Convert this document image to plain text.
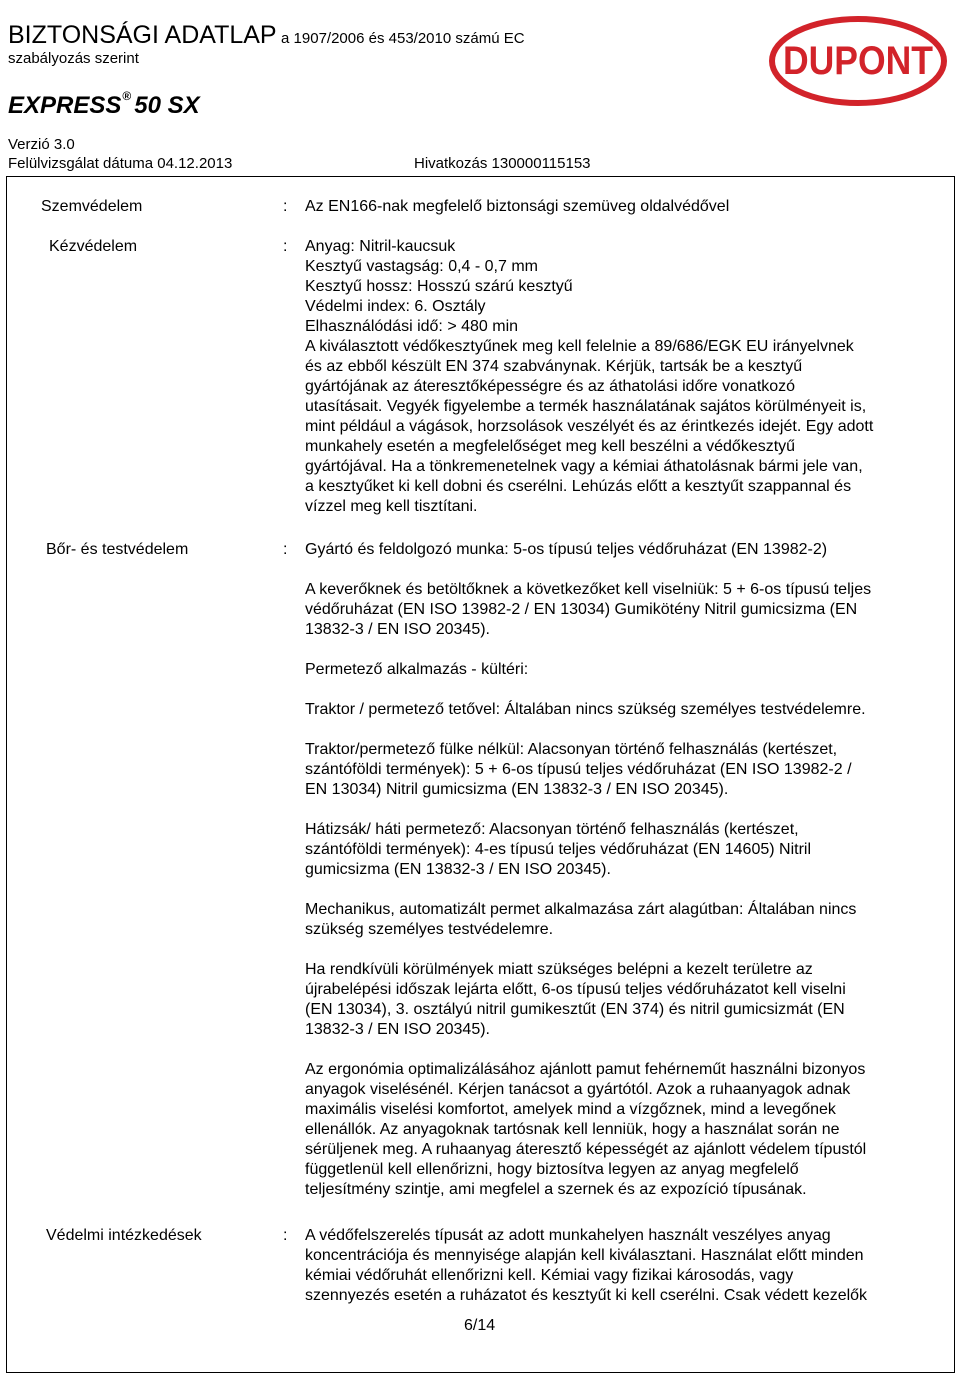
BIZTONSÁGI ADATLAP a 1907/2006 és 453/2010 számú EC
szabályozás szerint
EXPRESS® 50 SX
Verzió 3.0
Felülvizsgálat dátuma 04.12.2013	Hivatkozás 130000115153
DUPONT
Szemvédelem	: Az EN166-nak megfelelő biztonsági szemüveg oldalvédővel
Kézvédelem	: Anyag: Nitril-kaucsuk
Kesztyű vastagság: 0,4 - 0,7 mm
Kesztyű hossz: Hosszú szárú kesztyű
Védelmi index: 6. Osztály
Elhasználódási idő: > 480 min
A kiválasztott védőkesztyűnek meg kell felelnie a 89/686/EGK EU irányelvnek
és az ebből készült EN 374 szabványnak. Kérjük, tartsák be a kesztyű
gyártójának az áteresztőképességre és az áthatolási időre vonatkozó
utasításait. Vegyék figyelembe a termék használatának sajátos körülményeit is,
mint például a vágások, horzsolások veszélyét és az érintkezés idejét. Egy adott
munkahely esetén a megfelelőséget meg kell beszélni a védőkesztyű
gyártójával. Ha a tönkremenetelnek vagy a kémiai áthatolásnak bármi jele van,
a kesztyűket ki kell dobni és cserélni. Lehúzás előtt a kesztyűt szappannal és
vízzel meg kell tisztítani.
Bőr- és testvédelem	: Gyártó és feldolgozó munka: 5-os típusú teljes védőruházat (EN 13982-2)
A keverőknek és betöltőknek a következőket kell viselniük: 5 + 6-os típusú teljes
védőruházat (EN ISO 13982-2 / EN 13034) Gumikötény Nitril gumicsizma (EN
13832-3 / EN ISO 20345).
Permetező alkalmazás - kültéri:
Traktor / permetező tetővel: Általában nincs szükség személyes testvédelemre.
Traktor/permetező fülke nélkül: Alacsonyan történő felhasználás (kertészet,
szántóföldi termények): 5 + 6-os típusú teljes védőruházat (EN ISO 13982-2 /
EN 13034) Nitril gumicsizma (EN 13832-3 / EN ISO 20345).
Hátizsák/ háti permetező: Alacsonyan történő felhasználás (kertészet,
szántóföldi termények): 4-es típusú teljes védőruházat (EN 14605) Nitril
gumicsizma (EN 13832-3 / EN ISO 20345).
Mechanikus, automatizált permet alkalmazása zárt alagútban: Általában nincs
szükség személyes testvédelemre.
Ha rendkívüli körülmények miatt szükséges belépni a kezelt területre az
újrabelépési időszak lejárta előtt, 6-os típusú teljes védőruházatot kell viselni
(EN 13034), 3. osztályú nitril gumikesztűt (EN 374) és nitril gumicsizmát (EN
13832-3 / EN ISO 20345).
Az ergonómia optimalizálásához ajánlott pamut fehérneműt használni bizonyos
anyagok viselésénél. Kérjen tanácsot a gyártótól. Azok a ruhaanyagok adnak
maximális viselési komfortot, amelyek mind a vízgőznek, mind a levegőnek
ellenállók. Az anyagoknak tartósnak kell lenniük, hogy a használat során ne
sérüljenek meg. A ruhaanyag áteresztő képességét az ajánlott védelem típustól
függetlenül kell ellenőrizni, hogy biztosítva legyen az anyag megfelelő
teljesítmény szintje, ami megfelel a szernek és az expozíció típusának.
Védelmi intézkedések	: A védőfelszerelés típusát az adott munkahelyen használt veszélyes anyag
koncentrációja és mennyisége alapján kell kiválasztani. Használat előtt minden
kémiai védőruhát ellenőrizni kell. Kémiai vagy fizikai károsodás, vagy
szennyezés esetén a ruházatot és kesztyűt ki kell cserélni. Csak védett kezelők
6/14
